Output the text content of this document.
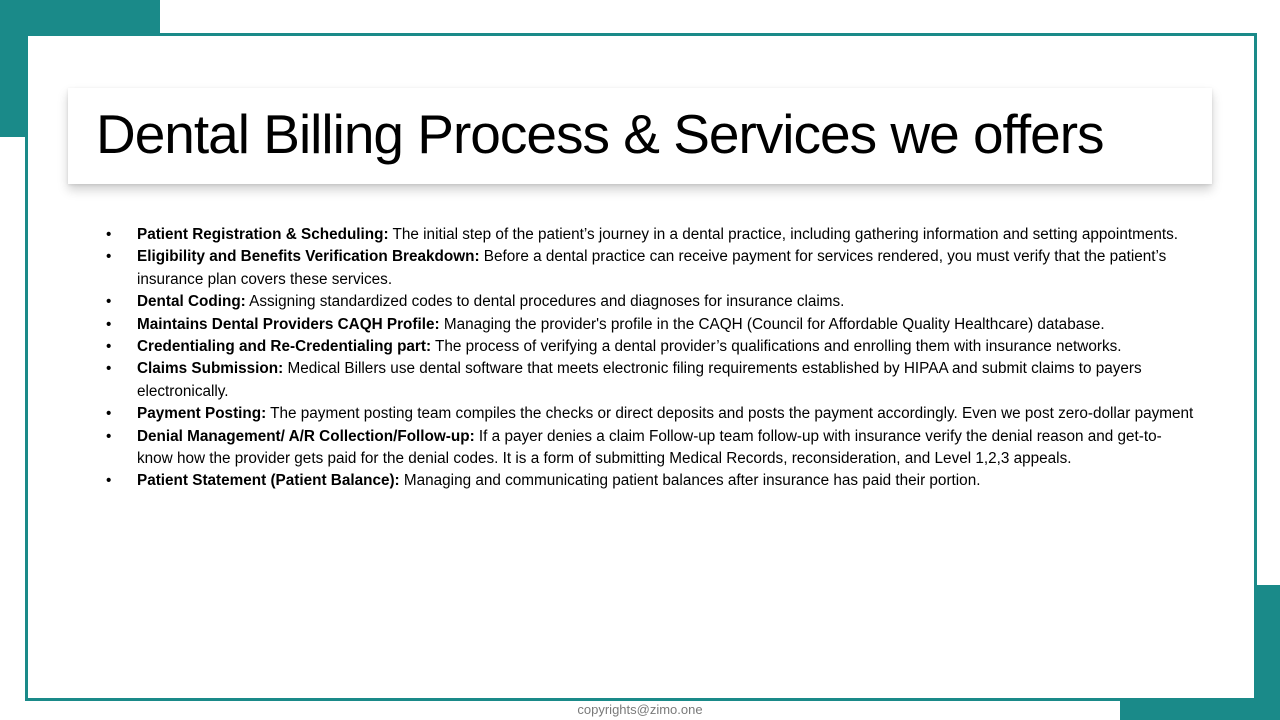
Dental Billing Process & Services we offers
• Patient Registration & Scheduling: The initial step of the patient’s journey in a dental practice, including gathering information and setting appointments.
• Eligibility and Benefits Verification Breakdown: Before a dental practice can receive payment for services rendered, you must verify that the patient’s insurance plan covers these services.
• Dental Coding: Assigning standardized codes to dental procedures and diagnoses for insurance claims.
• Maintains Dental Providers CAQH Profile: Managing the provider's profile in the CAQH (Council for Affordable Quality Healthcare) database.
• Credentialing and Re-Credentialing part: The process of verifying a dental provider’s qualifications and enrolling them with insurance networks.
• Claims Submission: Medical Billers use dental software that meets electronic filing requirements established by HIPAA and submit claims to payers electronically.
• Payment Posting: The payment posting team compiles the checks or direct deposits and posts the payment accordingly. Even we post zero-dollar payment
• Denial Management/ A/R Collection/Follow-up: If a payer denies a claim Follow-up team follow-up with insurance verify the denial reason and get-to-know how the provider gets paid for the denial codes. It is a form of submitting Medical Records, reconsideration, and Level 1,2,3 appeals.
• Patient Statement (Patient Balance): Managing and communicating patient balances after insurance has paid their portion.
copyrights@zimo.one
